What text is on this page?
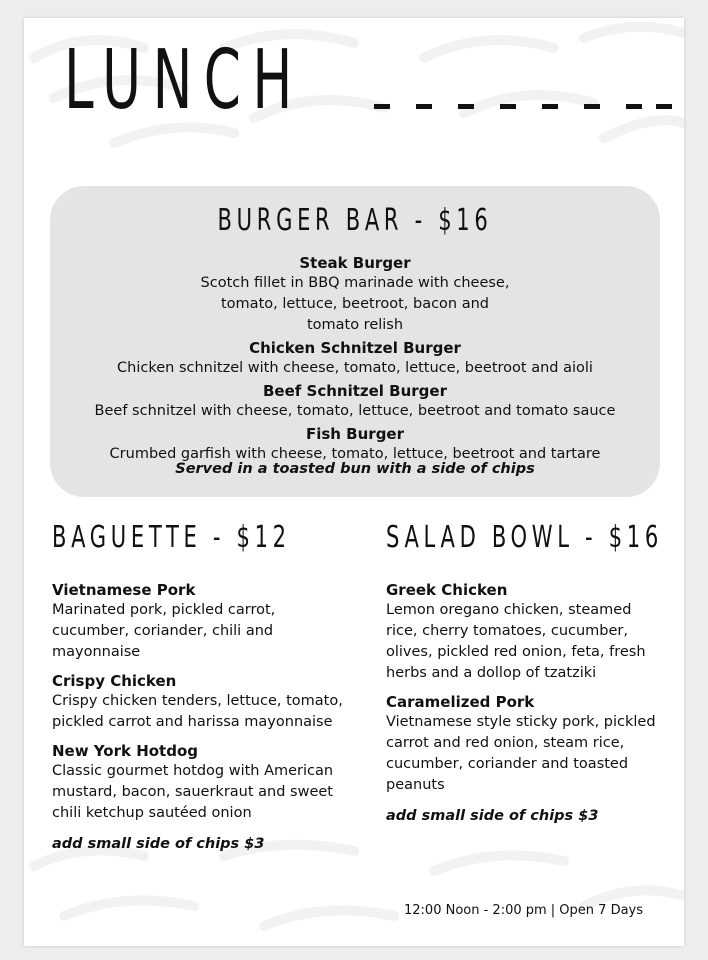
LUNCH
BURGER BAR - $16
Steak Burger
Scotch fillet in BBQ marinade with cheese, tomato, lettuce, beetroot, bacon and tomato relish
Chicken Schnitzel Burger
Chicken schnitzel with cheese, tomato, lettuce, beetroot and aioli
Beef Schnitzel Burger
Beef schnitzel with cheese, tomato, lettuce, beetroot and tomato sauce
Fish Burger
Crumbed garfish with cheese, tomato, lettuce, beetroot and tartare
Served in a toasted bun with a side of chips
BAGUETTE - $12
Vietnamese Pork
Marinated pork, pickled carrot, cucumber, coriander, chili and mayonnaise
Crispy Chicken
Crispy chicken tenders, lettuce, tomato, pickled carrot and harissa mayonnaise
New York Hotdog
Classic gourmet hotdog with American mustard, bacon, sauerkraut and sweet chili ketchup sautéed onion
add small side of chips $3
SALAD BOWL - $16
Greek Chicken
Lemon oregano chicken, steamed rice, cherry tomatoes, cucumber, olives, pickled red onion, feta, fresh herbs and a dollop of tzatziki
Caramelized Pork
Vietnamese style sticky pork, pickled carrot and red onion, steam rice, cucumber, coriander and toasted peanuts
add small side of chips $3
12:00 Noon - 2:00 pm | Open 7 Days
